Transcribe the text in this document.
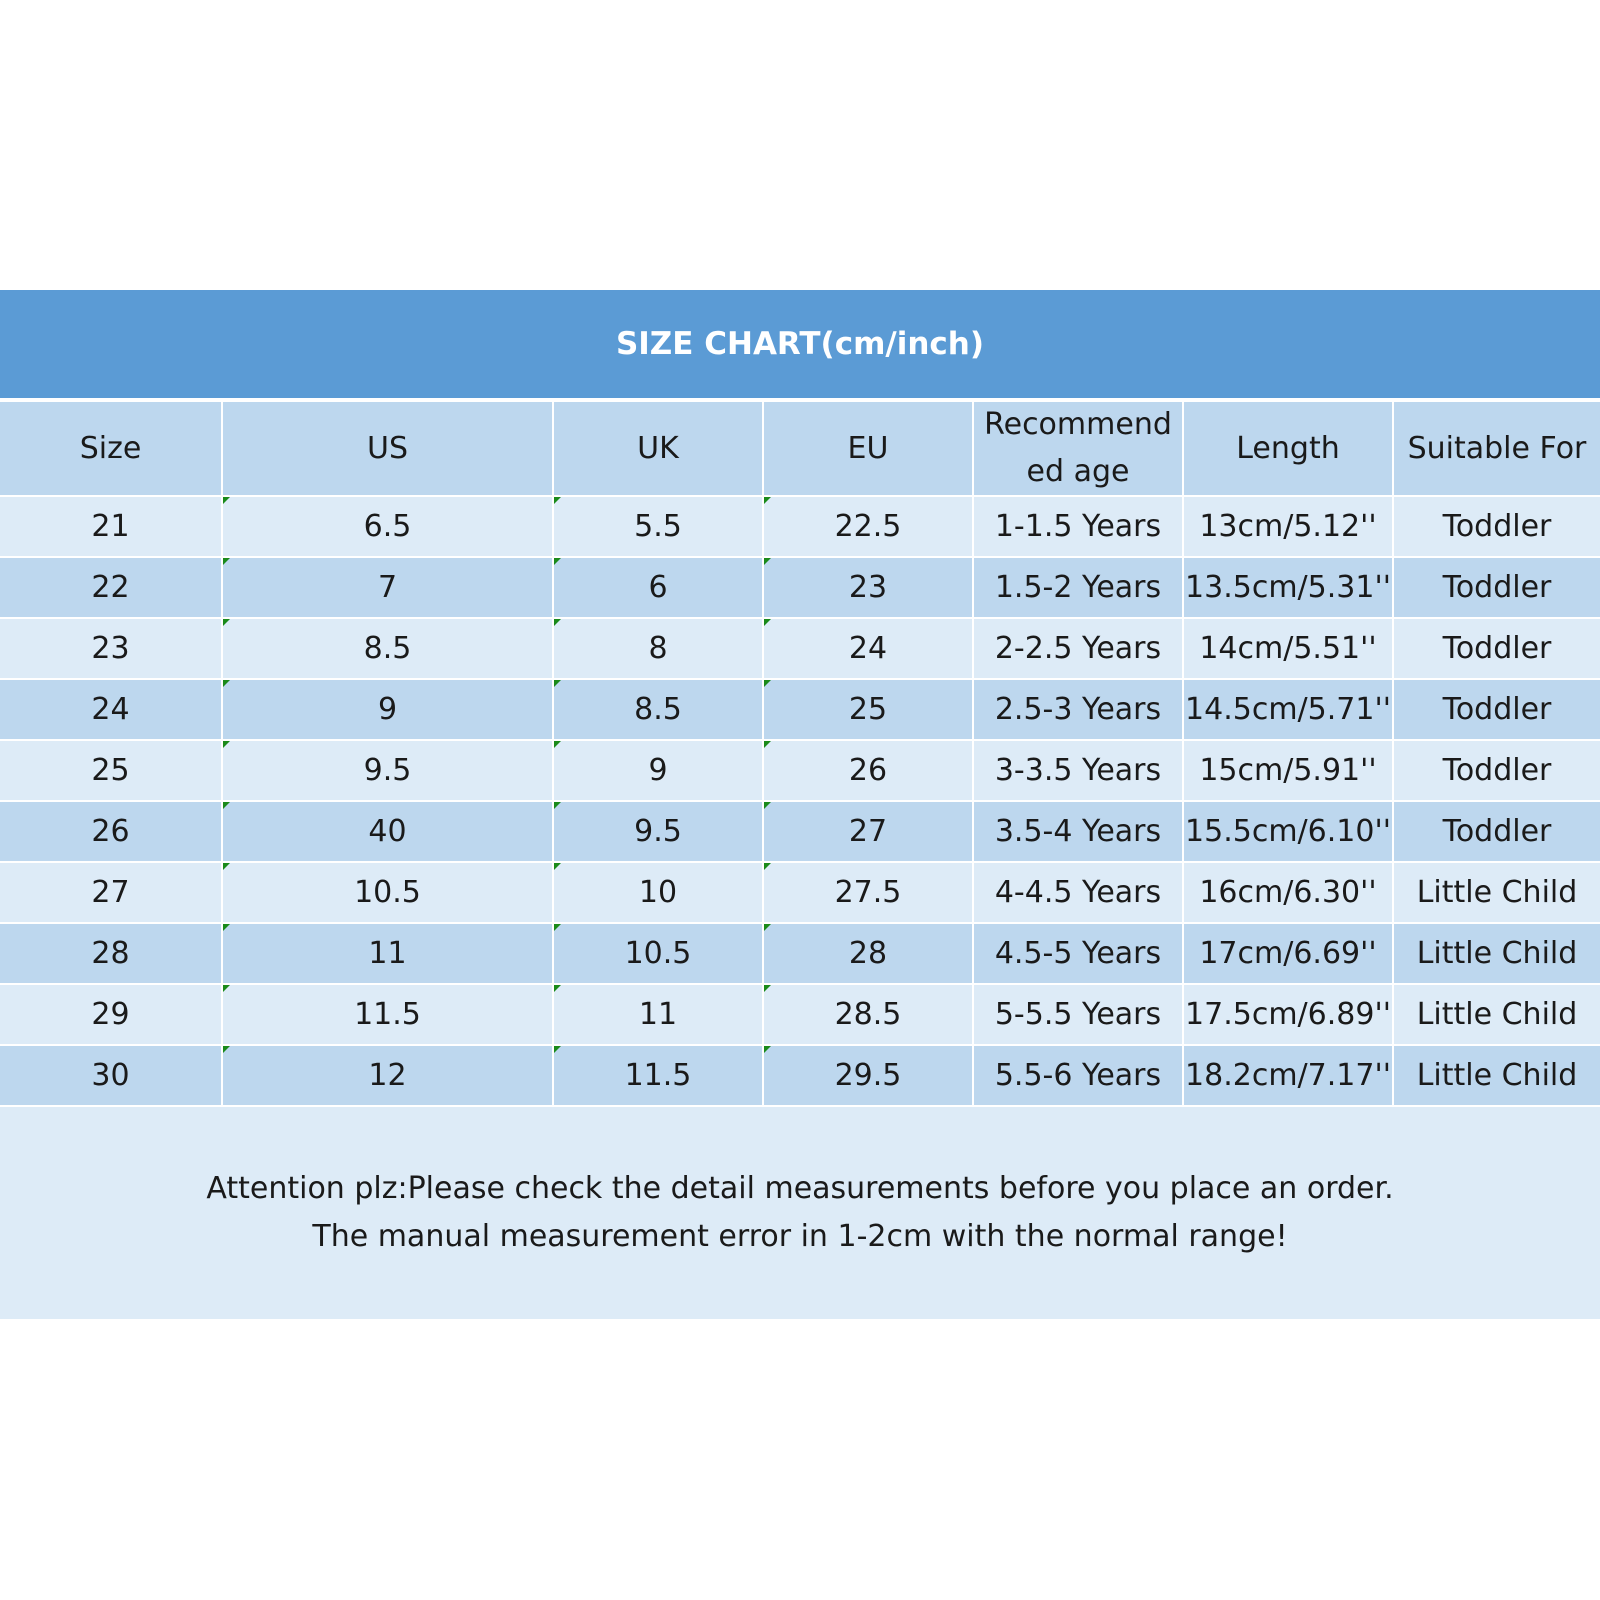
SIZE CHART(cm/inch)
Size	US	UK	EU	Recommended age	Length	Suitable For
21	6.5	5.5	22.5	1-1.5 Years	13cm/5.12''	Toddler
22	7	6	23	1.5-2 Years	13.5cm/5.31''	Toddler
23	8.5	8	24	2-2.5 Years	14cm/5.51''	Toddler
24	9	8.5	25	2.5-3 Years	14.5cm/5.71''	Toddler
25	9.5	9	26	3-3.5 Years	15cm/5.91''	Toddler
26	40	9.5	27	3.5-4 Years	15.5cm/6.10''	Toddler
27	10.5	10	27.5	4-4.5 Years	16cm/6.30''	Little Child
28	11	10.5	28	4.5-5 Years	17cm/6.69''	Little Child
29	11.5	11	28.5	5-5.5 Years	17.5cm/6.89''	Little Child
30	12	11.5	29.5	5.5-6 Years	18.2cm/7.17''	Little Child
Attention plz:Please check the detail measurements before you place an order.
The manual measurement error in 1-2cm with the normal range!
